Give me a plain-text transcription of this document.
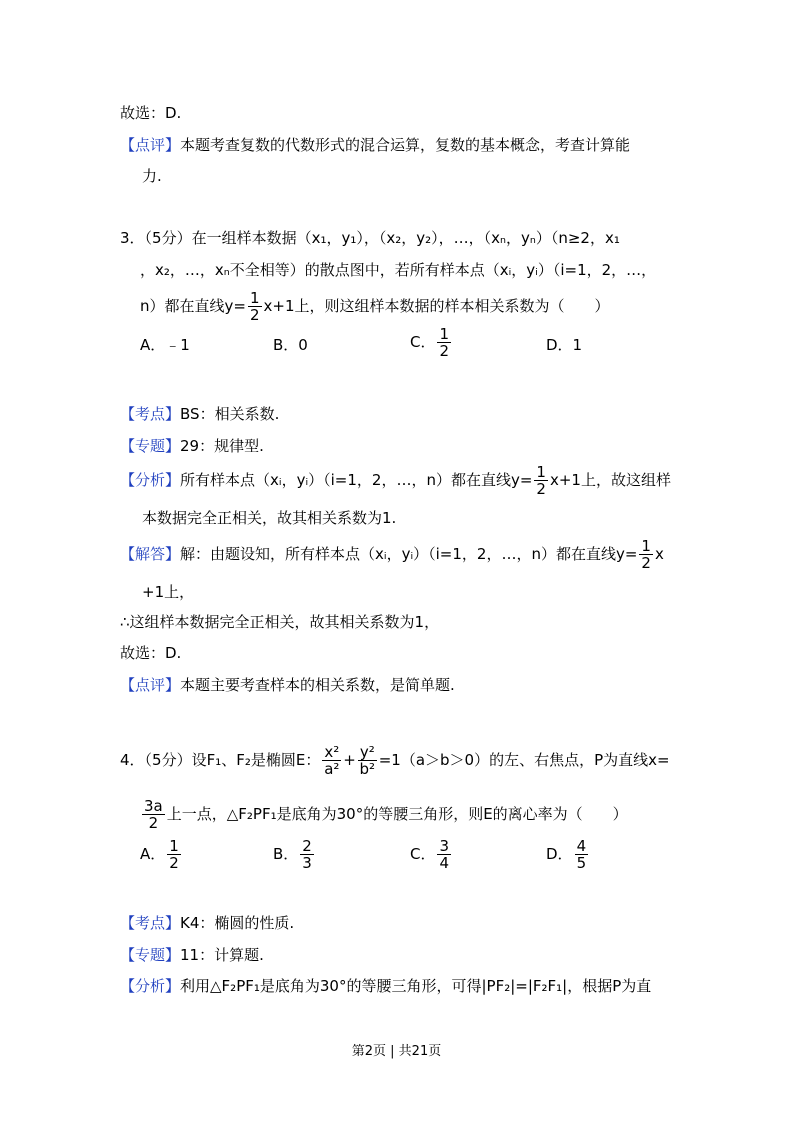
故选：D.
【点评】本题考查复数的代数形式的混合运算，复数的基本概念，考查计算能
力.
3．（5分）在一组样本数据（x₁，y₁），（x₂，y₂），…，（xₙ，yₙ）（n≥2，x₁
，x₂，…，xₙ不全相等）的散点图中，若所有样本点（xᵢ，yᵢ）（i=1，2，…，
n）都在直线$y= \frac{1}{2} x+1$上，则这组样本数据的样本相关系数为（　　）
A．﹣1	B．0	C． $\frac{1}{2}$	D．1
【考点】BS：相关系数.
【专题】29：规律型.
【分析】所有样本点（xᵢ，yᵢ）（i=1，2，…，n）都在直线$y= \frac{1}{2} x+1$上，故这组样
本数据完全正相关，故其相关系数为1.
【解答】解：由题设知，所有样本点（xᵢ，yᵢ）（i=1，2，…，n）都在直线$y= \frac{1}{2}$ x
+1上，
∴这组样本数据完全正相关，故其相关系数为1，
故选：D.
【点评】本题主要考查样本的相关系数，是简单题.
4．（5分）设F₁、F₂是椭圆E： $\frac{\text{x²}}{\text{a²}} + \frac{\text{y²}}{\text{b²}} =1(a>b>0)$的左、右焦点，P为直线x=
$\frac{3a}{2}$ 上一点，△F₂PF₁是底角为30°的等腰三角形，则E的离心率为（　　）
A． $\frac{1}{2}$	B． $\frac{2}{3}$	C． $\frac{3}{4}$	D． $\frac{4}{5}$
【考点】K4：椭圆的性质.
【专题】11：计算题.
【分析】利用△F₂PF₁是底角为30°的等腰三角形，可得|PF₂|=|F₂F₁|，根据P为直
第2页 | 共21页
